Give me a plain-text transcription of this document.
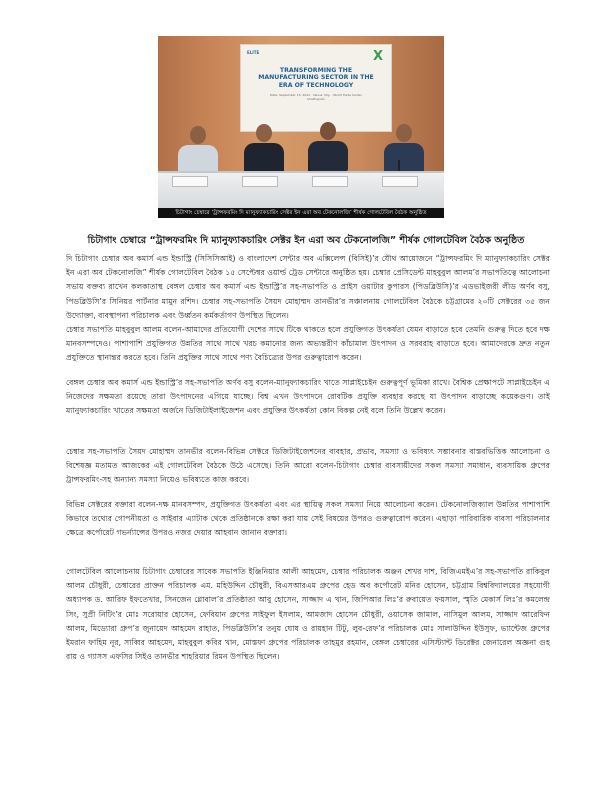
ELITE	X
TRANSFORMING THE MANUFACTURING SECTOR IN THE ERA OF TECHNOLOGY
Date: September 15, 2022 · Venue: Ctg. · World Trade Center Chattogram
চিটাগাং চেম্বারে ‘ট্রান্সফরমিং দি ম্যানুফ্যাকচারিং সেক্টর ইন এরা অব টেকনোলজি’ শীর্ষক গোলটেবিল বৈঠক অনুষ্ঠিত
চিটাগাং চেম্বারে “ট্রান্সফরমিং দি ম্যানুফ্যাকচারিং সেক্টর ইন এরা অব টেকনোলজি” শীর্ষক গোলটেবিল বৈঠক অনুষ্ঠিত

দি চিটাগাং চেম্বার অব কমার্স এন্ড ইন্ডাস্ট্রি (সিসিসিআই) ও বাংলাদেশ সেন্টার অব এক্সিলেন্স (বিসিই)’র যৌথ আয়োজনে “ট্রান্সফরমিং দি ম্যানুফ্যাকচারিং সেক্টর ইন এরা অব টেকনোলজি” শীর্ষক গোলটেবিল বৈঠক ১৫ সেপ্টেম্বর ওয়ার্ল্ড ট্রেড সেন্টারে অনুষ্ঠিত হয়। চেম্বার প্রেসিডেন্ট মাহবুবুল আলম’র সভাপতিত্বে আলোচনা সভায় বক্তব্য রাখেন কলকাতাস্থ বেঙ্গল চেম্বার অব কমার্স এন্ড ইন্ডাস্ট্রি’র সহ-সভাপতি ও প্রাইস ওয়াটার কুপারস (পিডব্লিউসি)’র এডভাইজরী লীড অর্ণব বসু, পিডব্লিউসি’র সিনিয়র পার্টনার মামুন রশিদ। চেম্বার সহ-সভাপতি সৈয়দ মোহাম্মদ তানভীর’র সঞ্চালনায় গোলটেবিল বৈঠকে চট্টগ্রামের ২০টি সেক্টরের ৩৫ জন উদ্যোক্তা, ব্যবস্থাপনা পরিচালক এবং উর্ধ্বতন কর্মকর্তাগণ উপস্থিত ছিলেন।

চেম্বার সভাপতি মাহবুবুল আলম বলেন-আমাদের প্রতিযোগী দেশের সাথে টিকে থাকতে হলে প্রযুক্তিগত উৎকর্ষতা যেমন বাড়াতে হবে তেমনি গুরুত্ব দিতে হবে দক্ষ মানবসম্পদেও। পাশাপাশি প্রযুক্তিগত উন্নতির সাথে সাথে খরচ কমানোর জন্য অভ্যন্তরীণ কাঁচামাল উৎপাদন ও সরবরাহ বাড়াতে হবে। আমাদেরকে দ্রুত নতুন প্রযুক্তিতে স্থানান্তর করতে হবে। তিনি প্রযুক্তির সাথে সাথে পণ্য বৈচিত্র্যের উপর গুরুত্বারোপ করেন।

বেঙ্গল চেম্বার অব কমার্স এন্ড ইন্ডাস্ট্রি’র সহ-সভাপতি অর্ণব বসু বলেন-ম্যানুফ্যাকচারিং খাতে সাপ্লাইচেইন গুরুত্বপূর্ণ ভূমিকা রাখে। বৈশ্বিক প্রেক্ষাপটে সাপ্লাইচেইন এ নিজেদের সক্ষমতা রয়েছে তারা উৎপাদনের এগিয়ে যাচ্ছে। বিশ্ব এখন উৎপাদনে রোবটিক প্রযুক্তি ব্যবহার করছে যা উৎপাদন বাড়াচ্ছে কয়েকগুণ। তাই ম্যানুফ্যাকচারিং খাতের সক্ষমতা অর্জনে ডিজিটাইলাইজেশন এবং প্রযুক্তির উৎকর্ষতা কোন বিকল্প নেই বলে তিনি উল্লেখ করেন।

চেম্বার সহ-সভাপতি সৈয়দ মোহাম্মদ তানভীর বলেন-বিভিন্ন সেক্টরে ডিজিটাইজেশনের ব্যবহার, প্রভাব, সমস্যা ও ভবিষ্যৎ সম্ভাবনার বাস্তবভিত্তিক আলোচনা ও বিশেষজ্ঞ মতামত আজকের এই গোলটেবিল বৈঠকে উঠে এসেছে। তিনি আরো বলেন-চিটাগাং চেম্বার ব্যবসায়ীদের সকল সমস্যা সমাধান, ব্যবসায়িক গ্রুপের ট্রান্সফরমিং-সহ অন্যান্য সমস্যা নিয়েও ভবিষ্যতে কাজ করবে।

বিভিন্ন সেক্টরের বক্তারা বলেন-দক্ষ মানবসম্পদ, প্রযুক্তিগত উৎকর্ষতা এবং এর স্থায়িত্ব সকল সমস্যা নিয়ে আলোচনা করেন। টেকনোলজিক্যাল উন্নতির পাশাপাশি কিভাবে তথ্যের গোপনীয়তা ও সাইবার এ্যাটাক থেকে প্রতিষ্ঠানকে রক্ষা করা যায় সেই বিষয়ের উপরও গুরুত্বারোপ করেন। এছাড়া পারিবারিক ব্যবসা পরিচালনার ক্ষেত্রে কর্পোরেট গভর্ন্যান্সের উপরও নজর দেয়ার আহবান জানান বক্তারা।

গোলটেবিল আলোচনায় চিটাগাং চেম্বারের সাবেক সভাপতি ইঞ্জিনিয়ার আলী আহমেদ, চেম্বার পরিচালক অঞ্জন শেখর দাশ, বিজিএমইএ’র সহ-সভাপতি রাকিবুল আলম চৌধুরী, চেম্বারের প্রাক্তন পরিচালক এম. মহিউদ্দিন চৌধুরী, বিএসআরএম গ্রুপের হেড অব কর্পোরেট মনির হোসেন, চট্টগ্রাম বিশ্ববিদ্যালয়ের সহযোগী অধ্যাপক ড. আরিফ ইফতেখার, সিনজেন গ্লোবাল’র প্রতিষ্ঠাতা আবু হোসেন, সাজ্জাদ এ খান, জিপিআর লিঃ’র রুবায়েত ফয়সাল, স্মৃতি মেকার্স লিঃ’র কমলেন্দ্র সিং, সুপ্রী নিটিং’র মোঃ সরোয়ার হোসেন, ফেবিয়ান গ্রুপের সাইফুল ইসলাম, আমজাদ হোসেন চৌধুরী, ওয়াসেক জামাল, নাসিমুল আলম, সাজ্জাদ আরেফিন আলম, মিড্যোরা গ্রুপ’র জুনায়েদ আহমেদ রাহাত, পিডব্লিউসি’র তনুয় ঘোষ ও রায়হান টিটু, লুব-রেফ’র পরিচালক মোঃ সালাউদ্দিন ইউসুফ, ভ্যান্টেজ গ্রুপের ইমরান ফাহিম নূর, সাব্বির আহমেদ, মাহবুবুল কবির খান, মোস্তফা গ্রুপের পরিচালক তাহমুর রহমান, বেঙ্গল চেম্বারের এসিস্ট্যান্ট ডিরেক্টর জেনারেল অজ্ঞনা গুহ রায় ও গ্যাসস এফসির সিইও তানভীর শাহরিয়ার রিমন উপস্থিত ছিলেন।
